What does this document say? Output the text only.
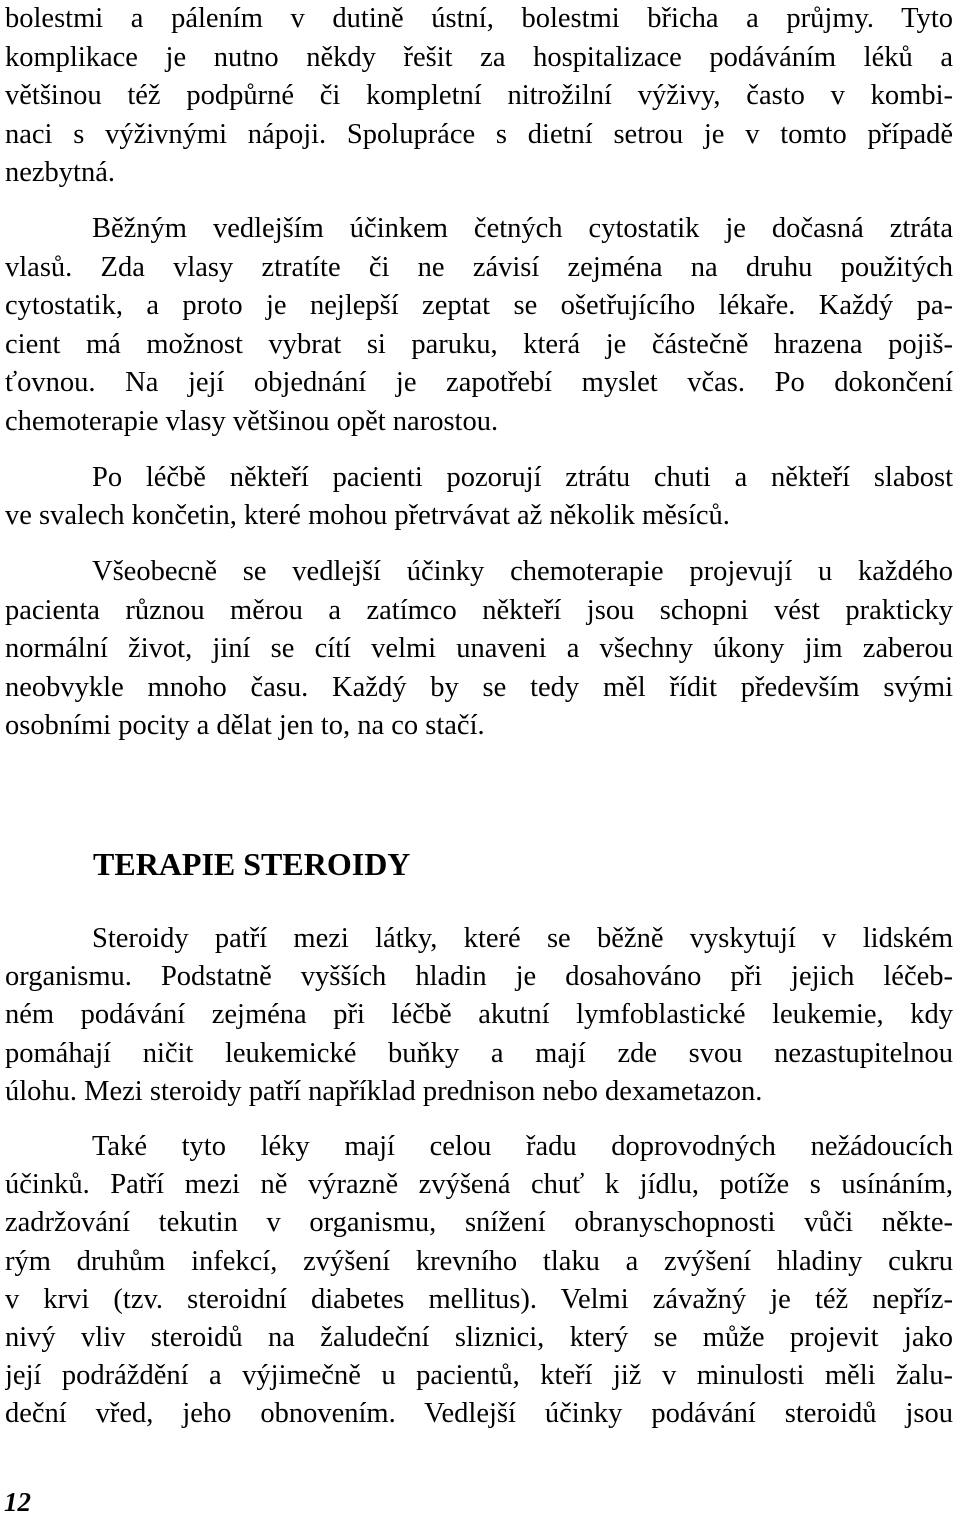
bolestmi a pálením v dutině ústní, bolestmi břicha a průjmy. Tyto
komplikace je nutno někdy řešit za hospitalizace podáváním léků a
většinou též podpůrné či kompletní nitrožilní výživy, často v kombi-
naci s výživnými nápoji. Spolupráce s dietní setrou je v tomto případě
nezbytná.
Běžným vedlejším účinkem četných cytostatik je dočasná ztráta
vlasů. Zda vlasy ztratíte či ne závisí zejména na druhu použitých
cytostatik, a proto je nejlepší zeptat se ošetřujícího lékaře. Každý pa-
cient má možnost vybrat si paruku, která je částečně hrazena pojiš-
ťovnou. Na její objednání je zapotřebí myslet včas. Po dokončení
chemoterapie vlasy většinou opět narostou.
Po léčbě někteří pacienti pozorují ztrátu chuti a někteří slabost
ve svalech končetin, které mohou přetrvávat až několik měsíců.
Všeobecně se vedlejší účinky chemoterapie projevují u každého
pacienta různou měrou a zatímco někteří jsou schopni vést prakticky
normální život, jiní se cítí velmi unaveni a všechny úkony jim zaberou
neobvykle mnoho času. Každý by se tedy měl řídit především svými
osobními pocity a dělat jen to, na co stačí.
TERAPIE STEROIDY
Steroidy patří mezi látky, které se běžně vyskytují v lidském
organismu. Podstatně vyšších hladin je dosahováno při jejich léčeb-
ném podávání zejména při léčbě akutní lymfoblastické leukemie, kdy
pomáhají ničit leukemické buňky a mají zde svou nezastupitelnou
úlohu. Mezi steroidy patří například prednison nebo dexametazon.
Také tyto léky mají celou řadu doprovodných nežádoucích
účinků. Patří mezi ně výrazně zvýšená chuť k jídlu, potíže s usínáním,
zadržování tekutin v organismu, snížení obranyschopnosti vůči někte-
rým druhům infekcí, zvýšení krevního tlaku a zvýšení hladiny cukru
v krvi (tzv. steroidní diabetes mellitus). Velmi závažný je též nepříz-
nivý vliv steroidů na žaludeční sliznici, který se může projevit jako
její podráždění a výjimečně u pacientů, kteří již v minulosti měli žalu-
deční vřed, jeho obnovením. Vedlejší účinky podávání steroidů jsou
12
